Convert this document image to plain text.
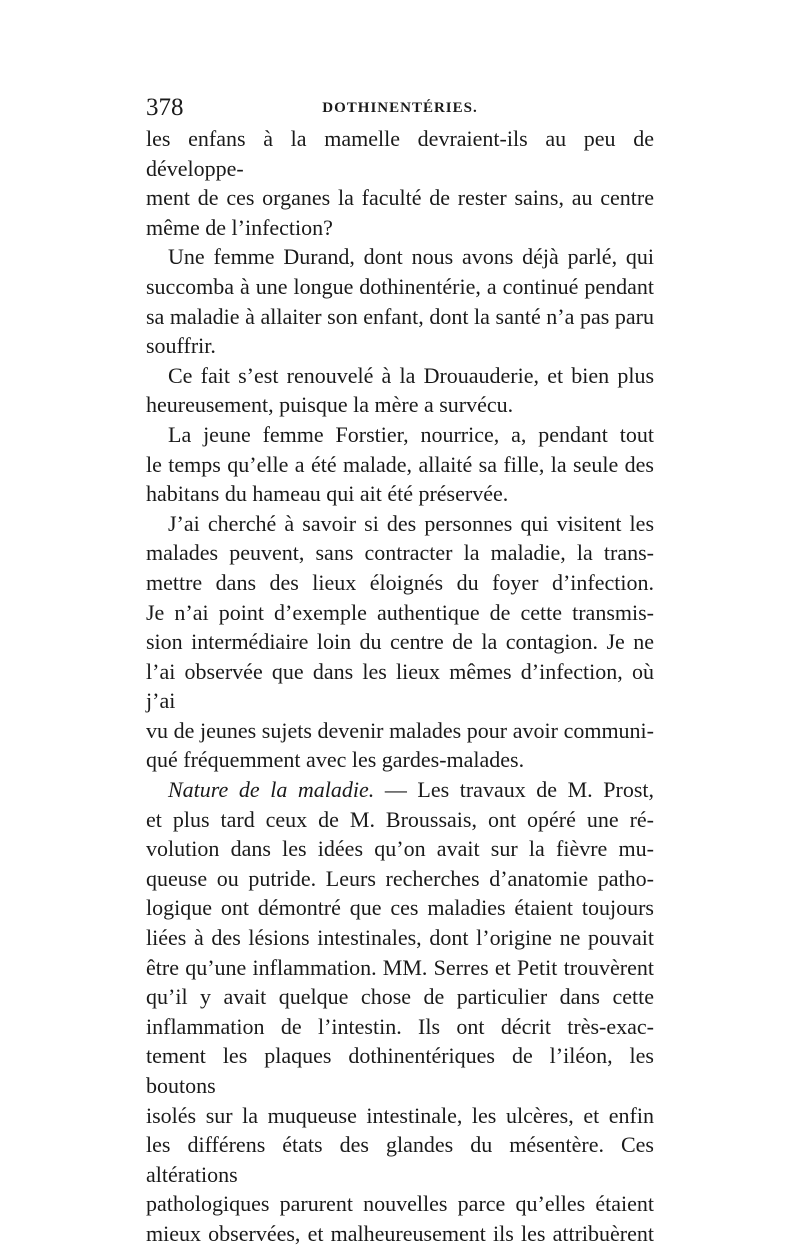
378	DOTHINENTÉRIES.

les enfans à la mamelle devraient-ils au peu de développe-
ment de ces organes la faculté de rester sains, au centre

même de l’infection?

Une femme Durand, dont nous avons déjà parlé, qui
succomba à une longue dothinentérie, a continué pendant
sa maladie à allaiter son enfant, dont la santé n’a pas paru

souffrir.

Ce fait s’est renouvelé à la Drouauderie, et bien plus

heureusement, puisque la mère a survécu.

La jeune femme Forstier, nourrice, a, pendant tout
le temps qu’elle a été malade, allaité sa fille, la seule des

habitans du hameau qui ait été préservée.

J’ai cherché à savoir si des personnes qui visitent les
malades peuvent, sans contracter la maladie, la trans-
mettre dans des lieux éloignés du foyer d’infection.
Je n’ai point d’exemple authentique de cette transmis-
sion intermédiaire loin du centre de la contagion. Je ne
l’ai observée que dans les lieux mêmes d’infection, où j’ai
vu de jeunes sujets devenir malades pour avoir communi-

qué fréquemment avec les gardes-malades.

Nature de la maladie. — Les travaux de M. Prost,
et plus tard ceux de M. Broussais, ont opéré une ré-
volution dans les idées qu’on avait sur la fièvre mu-
queuse ou putride. Leurs recherches d’anatomie patho-
logique ont démontré que ces maladies étaient toujours
liées à des lésions intestinales, dont l’origine ne pouvait
être qu’une inflammation. MM. Serres et Petit trouvèrent
qu’il y avait quelque chose de particulier dans cette
inflammation de l’intestin. Ils ont décrit très-exac-
tement les plaques dothinentériques de l’iléon, les boutons
isolés sur la muqueuse intestinale, les ulcères, et enfin
les différens états des glandes du mésentère. Ces altérations
pathologiques parurent nouvelles parce qu’elles étaient
mieux observées, et malheureusement ils les attribuèrent
